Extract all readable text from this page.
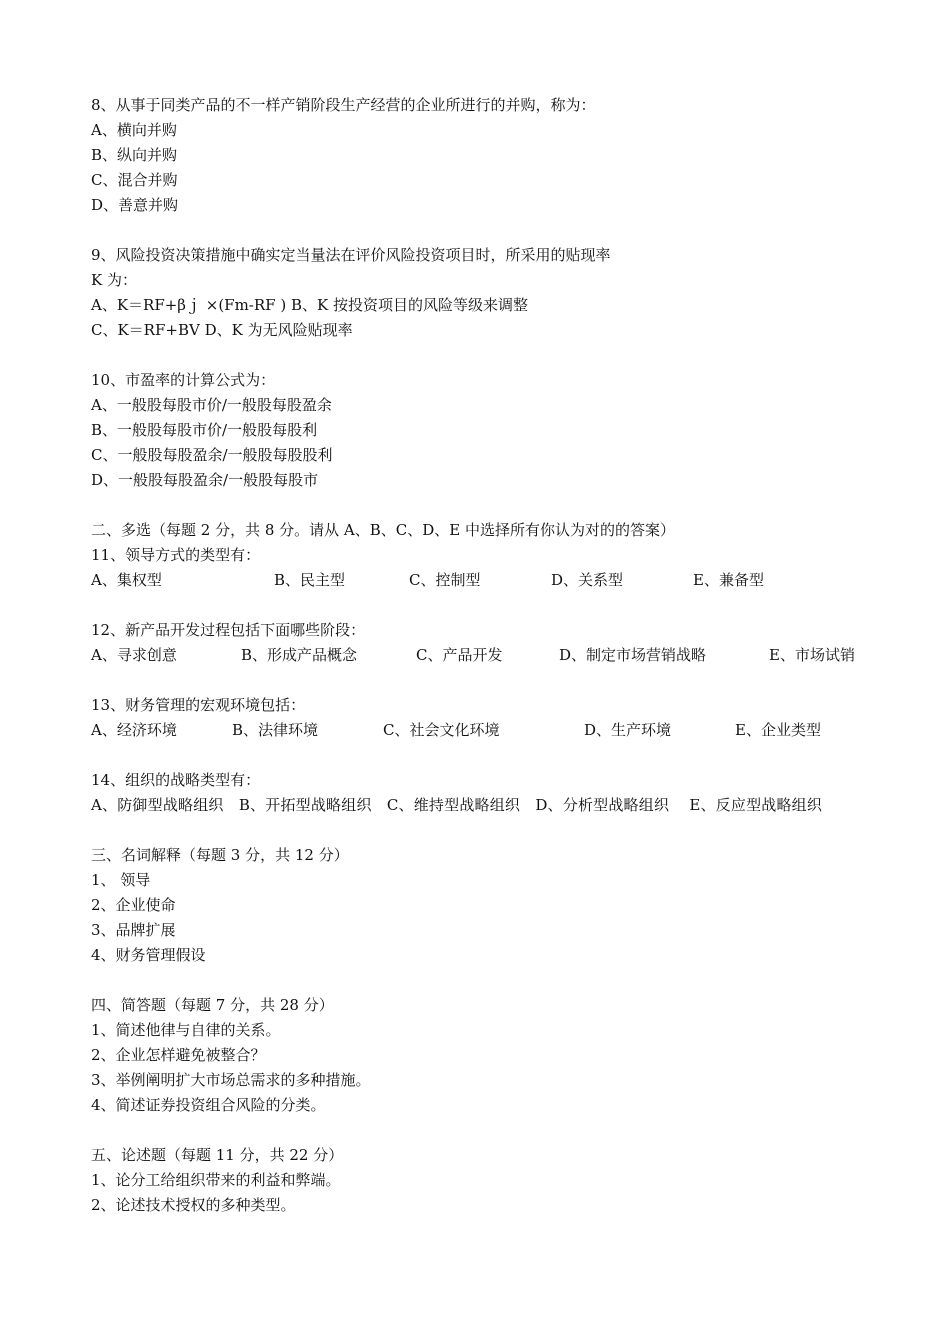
8、从事于同类产品的不一样产销阶段生产经营的企业所进行的并购，称为：
A、横向并购
B、纵向并购
C、混合并购
D、善意并购
9、风险投资决策措施中确实定当量法在评价风险投资项目时，所采用的贴现率
K 为：
A、K＝RF+βｊ ×(Fm-RF ) B、K 按投资项目的风险等级来调整
C、K＝RF+BV D、K 为无风险贴现率
10、市盈率的计算公式为：
A、一般股每股市价/一般股每股盈余
B、一般股每股市价/一般股每股利
C、一般股每股盈余/一般股每股股利
D、一般股每股盈余/一般股每股市
二、多选（每题 2 分，共 8 分。请从 A、B、C、D、E 中选择所有你认为对的的答案）
11、领导方式的类型有：
A、集权型	B、民主型	C、控制型	D、关系型	E、兼备型
12、新产品开发过程包括下面哪些阶段：
A、寻求创意	B、形成产品概念	C、产品开发	D、制定市场营销战略	E、市场试销
13、财务管理的宏观环境包括：
A、经济环境	B、法律环境	C、社会文化环境	D、生产环境	E、企业类型
14、组织的战略类型有：
A、防御型战略组织　B、开拓型战略组织　C、维持型战略组织　D、分析型战略组织　 E、反应型战略组织
三、名词解释（每题 3 分，共 12 分）
1、 领导
2、企业使命
3、品牌扩展
4、财务管理假设
四、简答题（每题 7 分，共 28 分）
1、简述他律与自律的关系。
2、企业怎样避免被整合？
3、举例阐明扩大市场总需求的多种措施。
4、简述证券投资组合风险的分类。
五、论述题（每题 11 分，共 22 分）
1、论分工给组织带来的利益和弊端。
2、论述技术授权的多种类型。
